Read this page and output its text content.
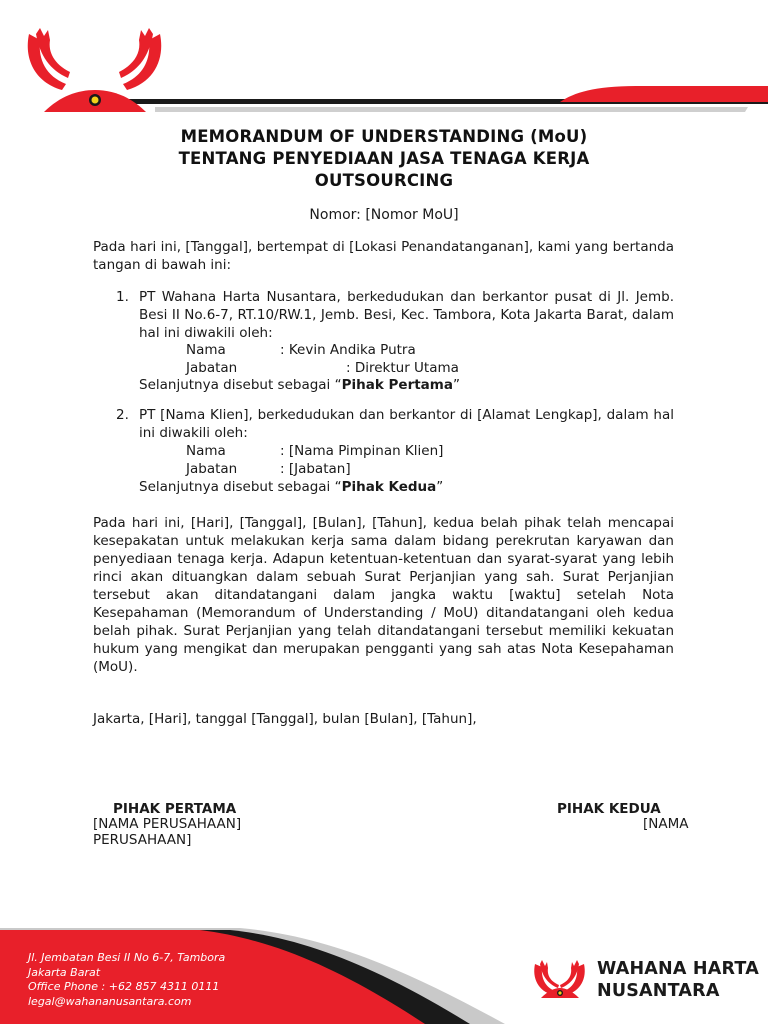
MEMORANDUM OF UNDERSTANDING (MoU)
TENTANG PENYEDIAAN JASA TENAGA KERJA
OUTSOURCING
Nomor: [Nomor MoU]
Pada hari ini, [Tanggal], bertempat di [Lokasi Penandatanganan], kami yang bertanda tangan di bawah ini:
1. PT Wahana Harta Nusantara, berkedudukan dan berkantor pusat di Jl. Jemb. Besi II No.6-7, RT.10/RW.1, Jemb. Besi, Kec. Tambora, Kota Jakarta Barat, dalam hal ini diwakili oleh:
Nama	: Kevin Andika Putra
Jabatan	: Direktur Utama
Selanjutnya disebut sebagai “Pihak Pertama”
2. PT [Nama Klien], berkedudukan dan berkantor di [Alamat Lengkap], dalam hal ini diwakili oleh:
Nama	: [Nama Pimpinan Klien]
Jabatan	: [Jabatan]
Selanjutnya disebut sebagai “Pihak Kedua”
Pada hari ini, [Hari], [Tanggal], [Bulan], [Tahun], kedua belah pihak telah mencapai kesepakatan untuk melakukan kerja sama dalam bidang perekrutan karyawan dan penyediaan tenaga kerja. Adapun ketentuan-ketentuan dan syarat-syarat yang lebih rinci akan dituangkan dalam sebuah Surat Perjanjian yang sah. Surat Perjanjian tersebut akan ditandatangani dalam jangka waktu [waktu] setelah Nota Kesepahaman (Memorandum of Understanding / MoU) ditandatangani oleh kedua belah pihak. Surat Perjanjian yang telah ditandatangani tersebut memiliki kekuatan hukum yang mengikat dan merupakan pengganti yang sah atas Nota Kesepahaman (MoU).
Jakarta, [Hari], tanggal [Tanggal], bulan [Bulan], [Tahun],
PIHAK PERTAMA	PIHAK KEDUA
[NAMA PERUSAHAAN]	[NAMA
PERUSAHAAN]
Jl. Jembatan Besi II No 6-7, Tambora
Jakarta Barat
Office Phone : +62 857 4311 0111
legal@wahananusantara.com
WAHANA HARTA
NUSANTARA
